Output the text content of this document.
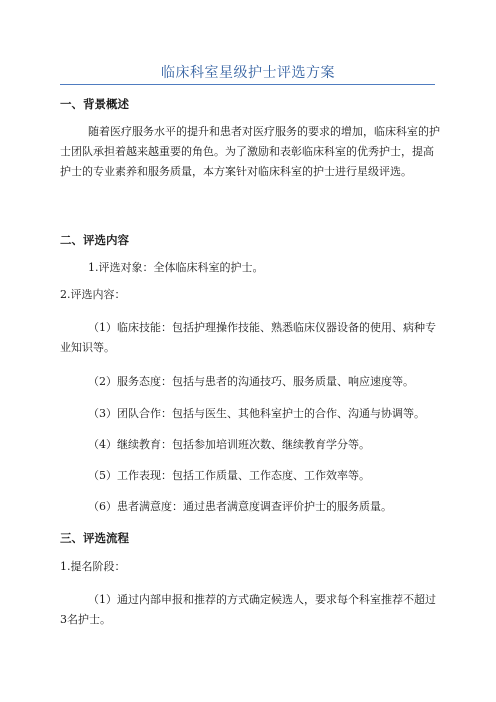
临床科室星级护士评选方案
一、背景概述
随着医疗服务水平的提升和患者对医疗服务的要求的增加，临床科室的护士团队承担着越来越重要的角色。为了激励和表彰临床科室的优秀护士，提高护士的专业素养和服务质量，本方案针对临床科室的护士进行星级评选。
二、评选内容
1.评选对象：全体临床科室的护士。
2.评选内容：
（1）临床技能：包括护理操作技能、熟悉临床仪器设备的使用、病种专业知识等。
（2）服务态度：包括与患者的沟通技巧、服务质量、响应速度等。
（3）团队合作：包括与医生、其他科室护士的合作、沟通与协调等。
（4）继续教育：包括参加培训班次数、继续教育学分等。
（5）工作表现：包括工作质量、工作态度、工作效率等。
（6）患者满意度：通过患者满意度调查评价护士的服务质量。
三、评选流程
1.提名阶段：
（1）通过内部申报和推荐的方式确定候选人，要求每个科室推荐不超过3名护士。
